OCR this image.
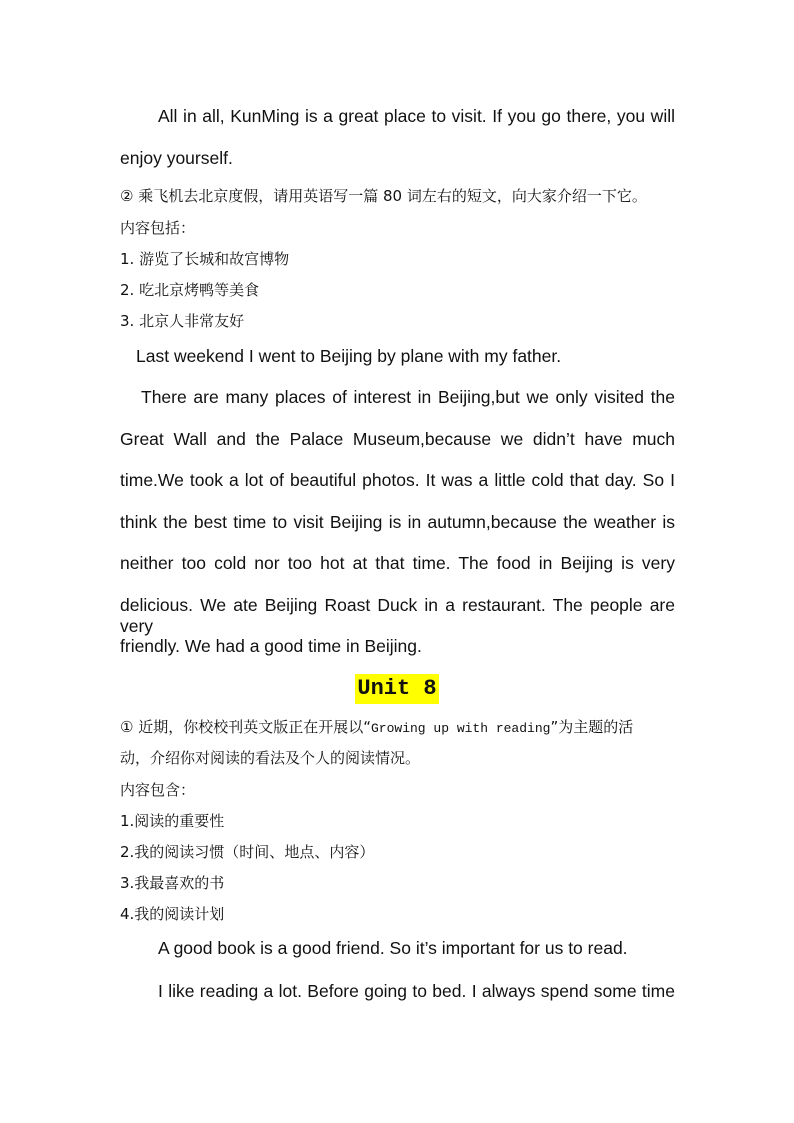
All in all, KunMing is a great place to visit. If you go there, you will
enjoy yourself.
② 乘飞机去北京度假，请用英语写一篇 80 词左右的短文，向大家介绍一下它。
内容包括：
1. 游览了长城和故宫博物
2. 吃北京烤鸭等美食
3. 北京人非常友好
Last weekend I went to Beijing by plane with my father.
There are many places of interest in Beijing,but we only visited the
Great Wall and the Palace Museum,because we didn’t have much
time.We took a lot of beautiful photos. It was a little cold that day. So I
think the best time to visit Beijing is in autumn,because the weather is
neither too cold nor too hot at that time. The food in Beijing is very
delicious. We ate Beijing Roast Duck in a restaurant. The people are very
friendly. We had a good time in Beijing.
Unit 8
① 近期，你校校刊英文版正在开展以“Growing up with reading”为主题的活
动，介绍你对阅读的看法及个人的阅读情况。
内容包含：
1.阅读的重要性
2.我的阅读习惯（时间、地点、内容）
3.我最喜欢的书
4.我的阅读计划
A good book is a good friend. So it’s important for us to read.
I like reading a lot. Before going to bed. I always spend some time
